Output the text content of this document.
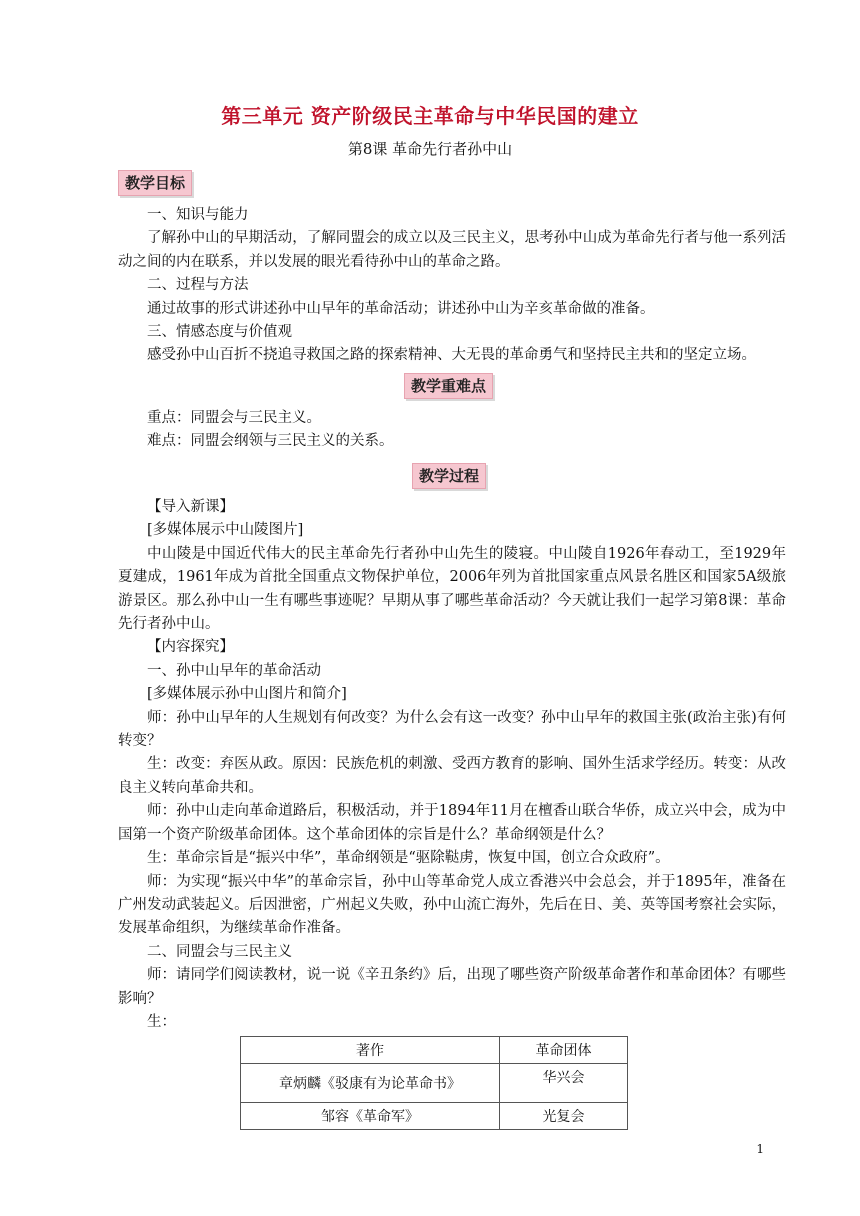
第三单元 资产阶级民主革命与中华民国的建立
第8课 革命先行者孙中山
教学目标

一、知识与能力

了解孙中山的早期活动，了解同盟会的成立以及三民主义，思考孙中山成为革命先行者与他一系列活动之间的内在联系，并以发展的眼光看待孙中山的革命之路。

二、过程与方法

通过故事的形式讲述孙中山早年的革命活动；讲述孙中山为辛亥革命做的准备。

三、情感态度与价值观

感受孙中山百折不挠追寻救国之路的探索精神、大无畏的革命勇气和坚持民主共和的坚定立场。

教学重难点

重点：同盟会与三民主义。

难点：同盟会纲领与三民主义的关系。

教学过程

【导入新课】

[多媒体展示中山陵图片]

中山陵是中国近代伟大的民主革命先行者孙中山先生的陵寝。中山陵自1926年春动工，至1929年夏建成，1961年成为首批全国重点文物保护单位，2006年列为首批国家重点风景名胜区和国家5A级旅游景区。那么孙中山一生有哪些事迹呢？早期从事了哪些革命活动？今天就让我们一起学习第8课：革命先行者孙中山。

【内容探究】

一、孙中山早年的革命活动

[多媒体展示孙中山图片和简介]

师：孙中山早年的人生规划有何改变？为什么会有这一改变？孙中山早年的救国主张(政治主张)有何转变？

生：改变：弃医从政。原因：民族危机的刺激、受西方教育的影响、国外生活求学经历。转变：从改良主义转向革命共和。

师：孙中山走向革命道路后，积极活动，并于1894年11月在檀香山联合华侨，成立兴中会，成为中国第一个资产阶级革命团体。这个革命团体的宗旨是什么？革命纲领是什么？

生：革命宗旨是“振兴中华”，革命纲领是“驱除鞑虏，恢复中国，创立合众政府”。

师：为实现“振兴中华”的革命宗旨，孙中山等革命党人成立香港兴中会总会，并于1895年，准备在广州发动武装起义。后因泄密，广州起义失败，孙中山流亡海外，先后在日、美、英等国考察社会实际，发展革命组织，为继续革命作准备。

二、同盟会与三民主义

师：请同学们阅读教材，说一说《辛丑条约》后，出现了哪些资产阶级革命著作和革命团体？有哪些影响？

生：

著作	革命团体
章炳麟《驳康有为论革命书》	华兴会
邹容《革命军》	光复会
1
